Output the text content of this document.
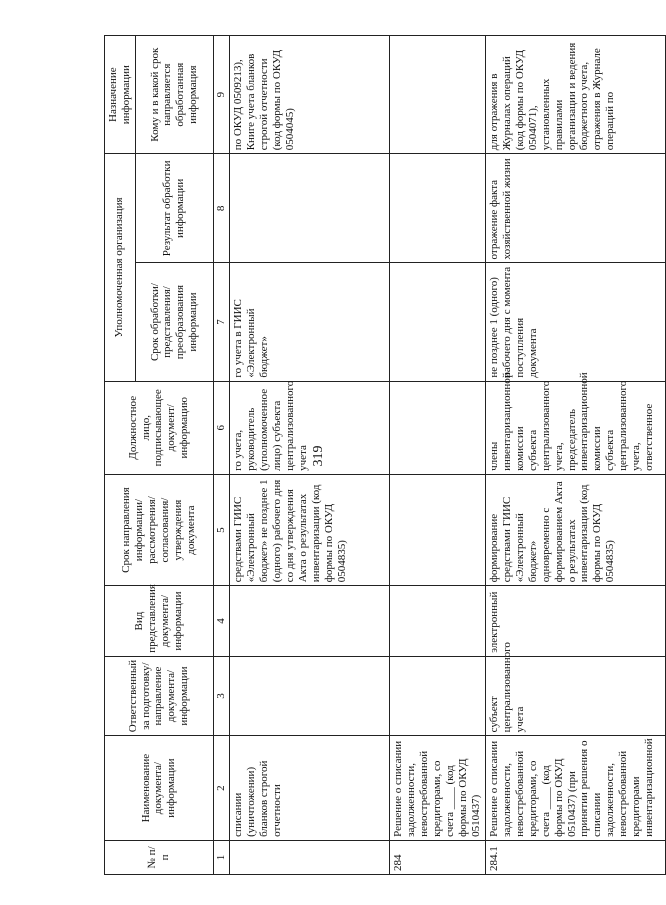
319
№ п/п	Наименование документа/ информации	Ответственный за подготовку/ направление документа/ информации	Вид представления документа/ информации	Срок направления информации/ рассмотрения/ согласования/ утверждения документа	Должностное лицо, подписывающее документ/ информацию	Уполномоченная организация		Назначение информации
						Срок обработки/ представления/ преобразования информации	Результат обработки информации	Кому и в какой срок направляется обработанная информация
1	2	3	4	5	6	7	8	9
	списании (уничтожении) бланков строгой отчетности			средствами ГИИС «Электронный бюджет» не позднее 1 (одного) рабочего дня со дня утверждения Акта о результатах инвентаризации (код формы по ОКУД 0504835)	го учета, руководитель (уполномоченное лицо) субъекта централизованного учета	го учета в ГИИС «Электронный бюджет»		по ОКУД 0509213), Книге учета бланков строгой отчетности (код формы по ОКУД 0504045)
284	Решение о списании задолженности, невостребованной кредиторами, со счета ____ (код формы по ОКУД 0510437)							
284.1	Решение о списании задолженности, невостребованной кредиторами, со счета ____ (код формы по ОКУД 0510437) (при принятии решения о списании задолженности, невостребованной кредиторами инвентаризационной	субъект централизованного учета	электронный	формирование средствами ГИИС «Электронный бюджет» одновременно с формированием Акта о результатах инвентаризации (код формы по ОКУД 0504835)	члены инвентаризационной комиссии субъекта централизованного учета, председатель инвентаризационной комиссии субъекта централизованного учета, ответственное	не позднее 1 (одного) рабочего дня с момента поступления документа	отражение факта хозяйственной жизни	для отражения в Журналах операций (код формы по ОКУД 0504071), установленных правилами организации и ведения бюджетного учета, отражения в Журнале операций по
